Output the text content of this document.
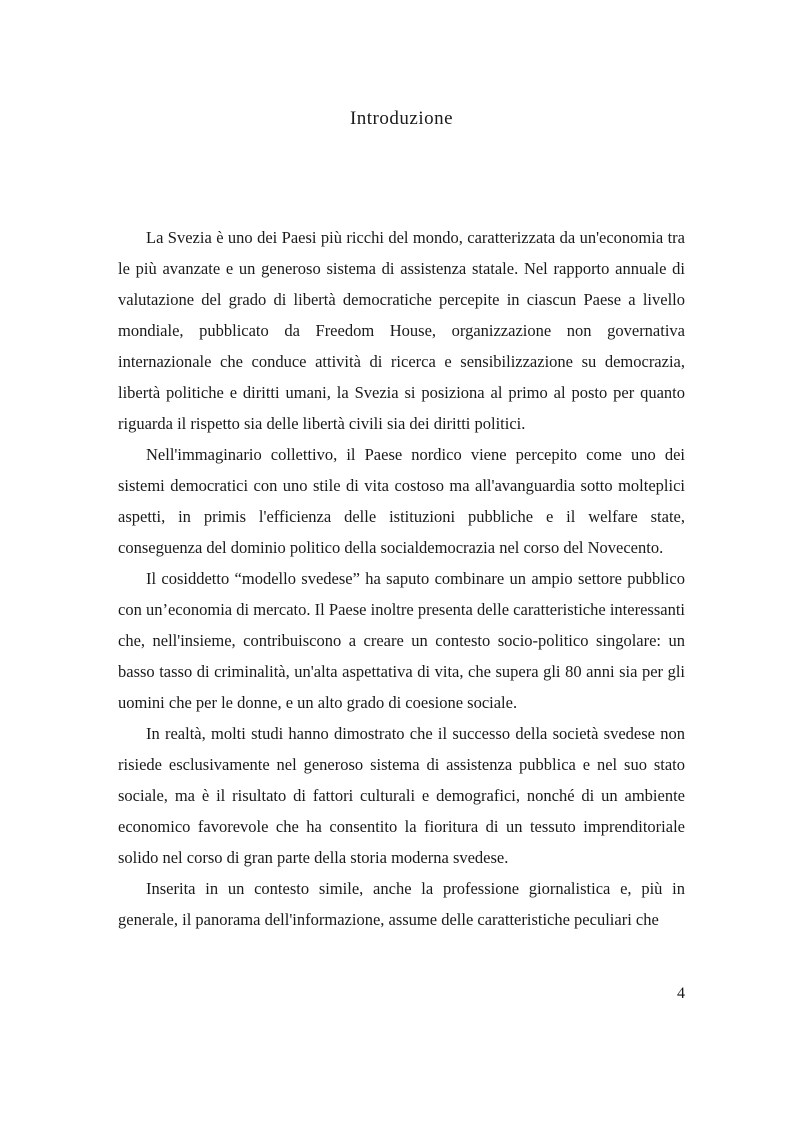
Introduzione

La Svezia è uno dei Paesi più ricchi del mondo, caratterizzata da un'economia tra le più avanzate e un generoso sistema di assistenza statale. Nel rapporto annuale di valutazione del grado di libertà democratiche percepite in ciascun Paese a livello mondiale, pubblicato da Freedom House, organizzazione non governativa internazionale che conduce attività di ricerca e sensibilizzazione su democrazia, libertà politiche e diritti umani, la Svezia si posiziona al primo al posto per quanto riguarda il rispetto sia delle libertà civili sia dei diritti politici.

Nell'immaginario collettivo, il Paese nordico viene percepito come uno dei sistemi democratici con uno stile di vita costoso ma all'avanguardia sotto molteplici aspetti, in primis l'efficienza delle istituzioni pubbliche e il welfare state, conseguenza del dominio politico della socialdemocrazia nel corso del Novecento.

Il cosiddetto “modello svedese” ha saputo combinare un ampio settore pubblico con un’economia di mercato. Il Paese inoltre presenta delle caratteristiche interessanti che, nell'insieme, contribuiscono a creare un contesto socio-politico singolare: un basso tasso di criminalità, un'alta aspettativa di vita, che supera gli 80 anni sia per gli uomini che per le donne, e un alto grado di coesione sociale.

In realtà, molti studi hanno dimostrato che il successo della società svedese non risiede esclusivamente nel generoso sistema di assistenza pubblica e nel suo stato sociale, ma è il risultato di fattori culturali e demografici, nonché di un ambiente economico favorevole che ha consentito la fioritura di un tessuto imprenditoriale solido nel corso di gran parte della storia moderna svedese.

Inserita in un contesto simile, anche la professione giornalistica e, più in generale, il panorama dell'informazione, assume delle caratteristiche peculiari che

4
